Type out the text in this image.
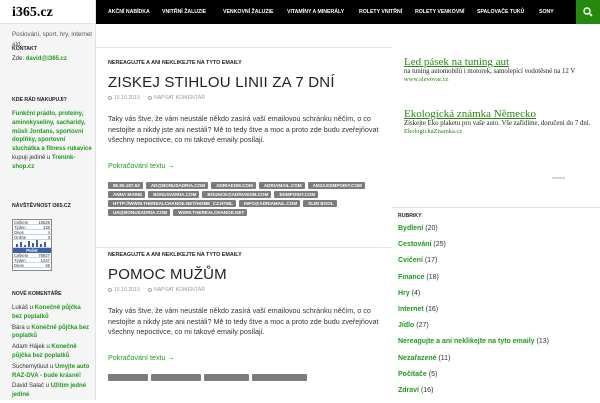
i365.cz
Poslování, sport, hry, internet atd.
KONTAKT
Zde: david@i365.cz
KDE RÁD NAKUPUJI?
Funkční prádlo, proteiny, aminokyseliny, sacharidy, müsli Jordans, sportovní doplňky, sportovní sluchátka a fitness rukavice kupuji jedině u Trenink-shop.cz
NÁVŠTĚVNOST I365.CZ
Celkem 16625
Týden	135
Dnes	4
Online	3
Počet
Celkem 78927
Týden	1247
Dnes	46
NOVÉ KOMENTÁŘE
Lukáš u Konečně půjčka bez poplatků
Bára u Konečně půjčka bez poplatků
Adam Hájek u Konečně půjčka bez poplatků
Suchemytiuut u Umyjte auto RAZ-DVA - bude krásné!
David Salač u Užitím jedné jediné
AKČNÍ NABÍDKA VNITŘNÍ ŽALUZIE	VENKOVNÍ ŽALUZIE	VITAMÍNY A MINERÁLY	ROLETY VNITŘNÍ ROLETY VENKOVNÍ SPALOVAČE TUKŮ	SONY
NEREAGUJTE A ANI NEKLIKEJTE NA TYTO EMAILY
ZISKEJ STIHLOU LINII ZA 7 DNÍ
15.10.2015	NAPSAT KOMENTÁŘ
Taky vás štve, že vám neustále někdo zasírá vaší emailovou schránku něčím, o co nestojíte a nikdy jste ani nestáli? Mě to tedy štve a moc a proto zde budu zveřejňovat všechny nepoctivce, co mi takové emaily posílají.
Pokračování textu →
85.90.187.53	AD@BONUSADRIA.COM	ADRIAEDM.COM	ADRIAMAIL.COM	AM13.EDMPOINT.COM
ANNA MARIE	BONUSADRIA.COM	BOUNCE@ADRIAEDM.COM	EDMPOINT.COM
HTTP://WWW.THEREALCHANGE.NET/HOME_CZ.HTML	INFO@ADRIAMAIL.COM	SLIM BOOL
UN@BONUSADRIA.COM	WWW.THEREALCHANGE.NET
NEREAGUJTE A ANI NEKLIKEJTE NA TYTO EMAILY
POMOC MUŽŮM
15.10.2015	NAPSAT KOMENTÁŘ
Taky vás štve, že vám neustále někdo zasírá vaší emailovou schránku něčím, o co nestojíte a nikdy jste ani nestáli? Mě to tedy štve a moc a proto zde budu zveřejňovat všechny nepoctivce, co mi takové emaily posílají.
Pokračování textu →
Led pásek na tuning aut
na tuning automobilů i motorek, samolepící vodotěsné na 12 V
www.slevovar.cz
Ekologická známka Německo
Získejte Eko plaketu pro vaše auto. Vše zařídíme, doručení do 7 dní.
EkologickaZnamka.cz
reklama
RUBRIKY
Bydlení (20)
Cestování (25)
Cvičení (17)
Finance (18)
Hry (4)
Internet (16)
Jídlo (27)
Nereagujte a ani neklikejte na tyto emaily (13)
Nezařazené (11)
Počítače (5)
Zdraví (16)
